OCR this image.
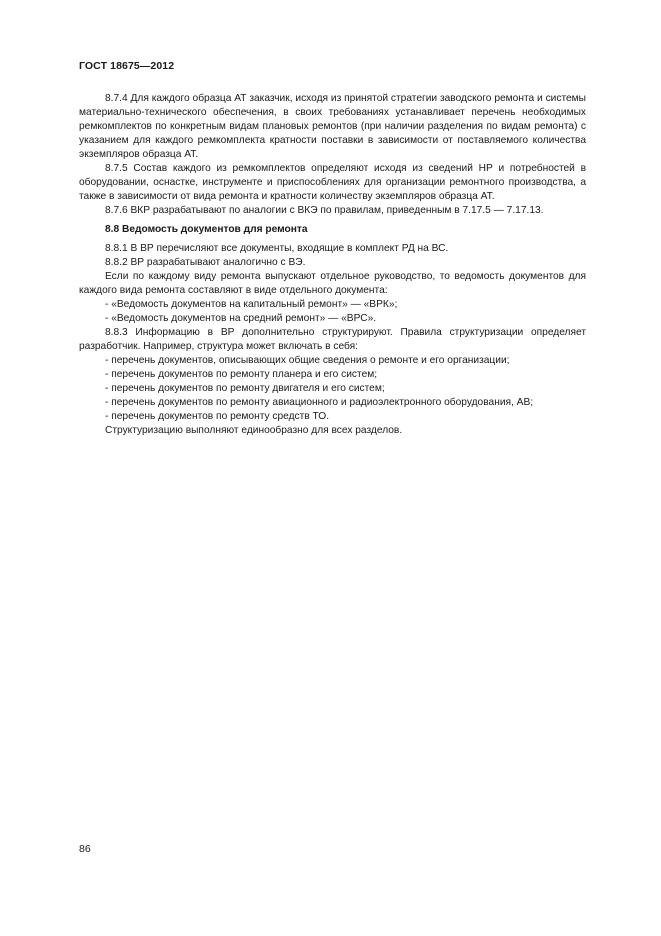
ГОСТ 18675—2012

8.7.4 Для каждого образца АТ заказчик, исходя из принятой стратегии заводского ремонта и системы материально-технического обеспечения, в своих требованиях устанавливает перечень необходимых ремкомплектов по конкретным видам плановых ремонтов (при наличии разделения по видам ремонта) с указанием для каждого ремкомплекта кратности поставки в зависимости от поставляемого количества экземпляров образца АТ.

8.7.5 Состав каждого из ремкомплектов определяют исходя из сведений НР и потребностей в оборудовании, оснастке, инструменте и приспособлениях для организации ремонтного производства, а также в зависимости от вида ремонта и кратности количеству экземпляров образца АТ.

8.7.6 ВКР разрабатывают по аналогии с ВКЭ по правилам, приведенным в 7.17.5 — 7.17.13.

8.8 Ведомость документов для ремонта

8.8.1 В ВР перечисляют все документы, входящие в комплект РД на ВС.

8.8.2 ВР разрабатывают аналогично с ВЭ.

Если по каждому виду ремонта выпускают отдельное руководство, то ведомость документов для каждого вида ремонта составляют в виде отдельного документа:

- «Ведомость документов на капитальный ремонт» — «ВРК»;

- «Ведомость документов на средний ремонт» — «ВРС».

8.8.3 Информацию в ВР дополнительно структурируют. Правила структуризации определяет разработчик. Например, структура может включать в себя:

- перечень документов, описывающих общие сведения о ремонте и его организации;

- перечень документов по ремонту планера и его систем;

- перечень документов по ремонту двигателя и его систем;

- перечень документов по ремонту авиационного и радиоэлектронного оборудования, АВ;

- перечень документов по ремонту средств ТО.

Структуризацию выполняют единообразно для всех разделов.

86
